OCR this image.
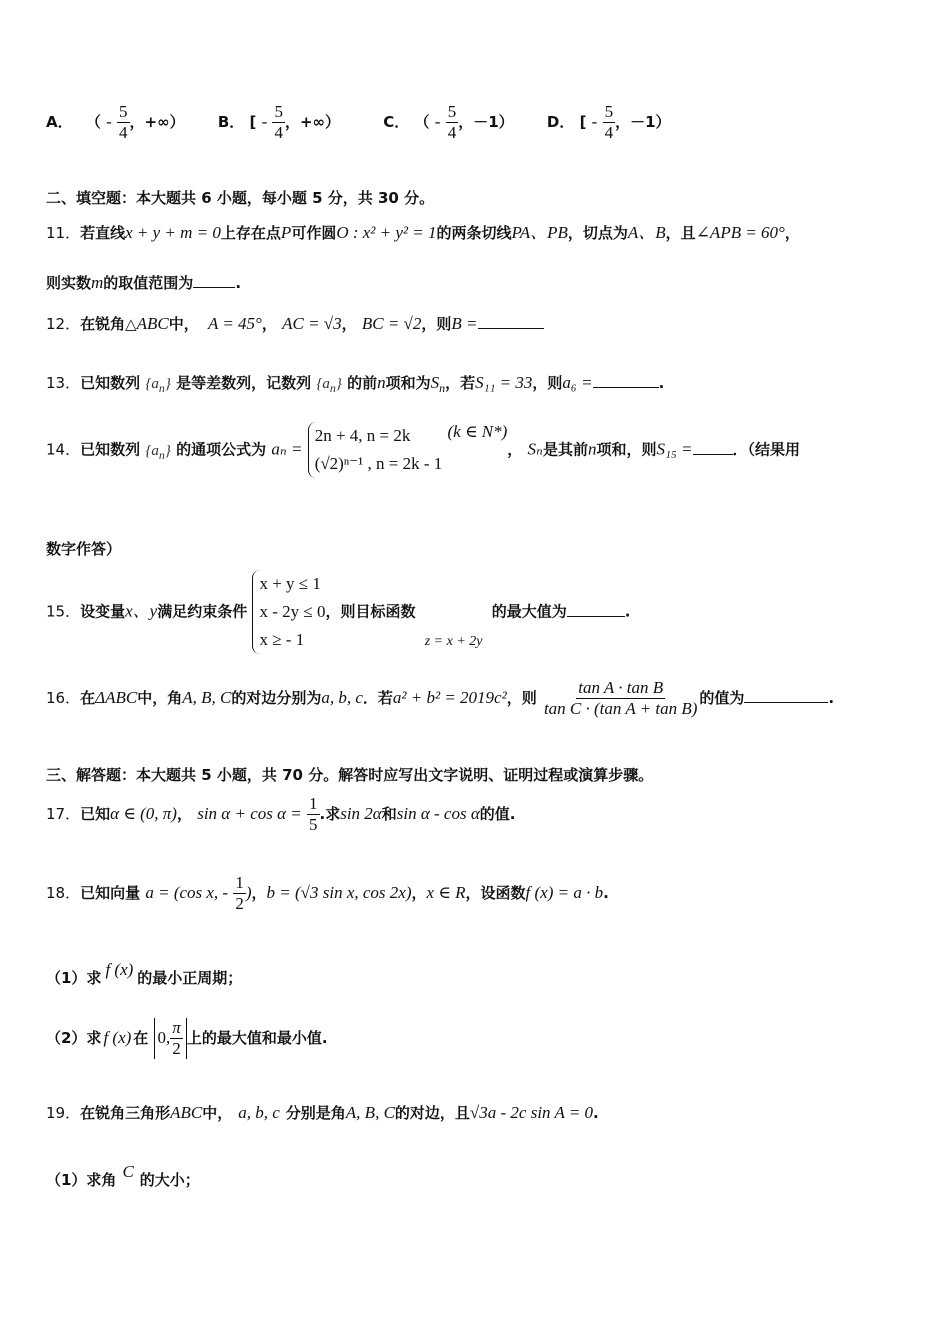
A． （ - $\frac{5}{4}$ ，+∞） B． [ - $\frac{5}{4}$ ，+∞）	C． （ - $\frac{5}{4}$ ，－1） D． [ - $\frac{5}{4}$ ，－1）
二、填空题：本大题共 6 小题，每小题 5 分，共 30 分。
11．若直线x + y + m = 0上存在点P可作圆O : x² + y² = 1的两条切线PA、PB，切点为A、B，且∠APB = 60°，
则实数m的取值范围为	.
12．在锐角△ABC中， A = 45°， AC = √3， BC = √2，则B =
13．已知数列 $\{a_n\}$ 是等差数列，记数列 $\{a_n\}$ 的前n项和为$S_n$，若S₁₁ = 33，则a₆ =	.
14．已知数列 $\{a_n\}$ 的通项公式为 aₙ =
2n + 4, n = 2k
(√2)ⁿ⁻¹ , n = 2k - 1
(k ∈ N*)， Sₙ是其前n项和，则S₁₅ =	．（结果用
数字作答）
15．设变量x、y满足约束条件
x + y ≤ 1
x - 2y ≤ 0
x ≥ - 1
，则目标函数 z = x + 2y 的最大值为	.
16．在ΔABC中，角A, B, C的对边分别为a, b, c．若a² + b² = 2019c²，则 $\frac{\text{tan A · tan B}}{\text{tan C · (tan A + tan B)}}$ 的值为	.
三、解答题：本大题共 5 小题，共 70 分。解答时应写出文字说明、证明过程或演算步骤。
17．已知α ∈ (0, π)， $\sin \alpha + \cos \alpha = \frac{1}{5}$ .求sin 2α和sin α - cos α的值.
18．已知向量 a = (cos x, - $\frac{1}{2}$ )，b = (√3 sin x, cos 2x)，x ∈ R，设函数f (x) = a · b.
（1）求 f (x) 的最小正周期；
（2）求 f (x) 在 0, $\frac{\pi}{2}$ 上的最大值和最小值.
19．在锐角三角形ABC中， a, b, c 分别是角A, B, C的对边，且√3a - 2c sin A = 0.
（1）求角 C 的大小；
